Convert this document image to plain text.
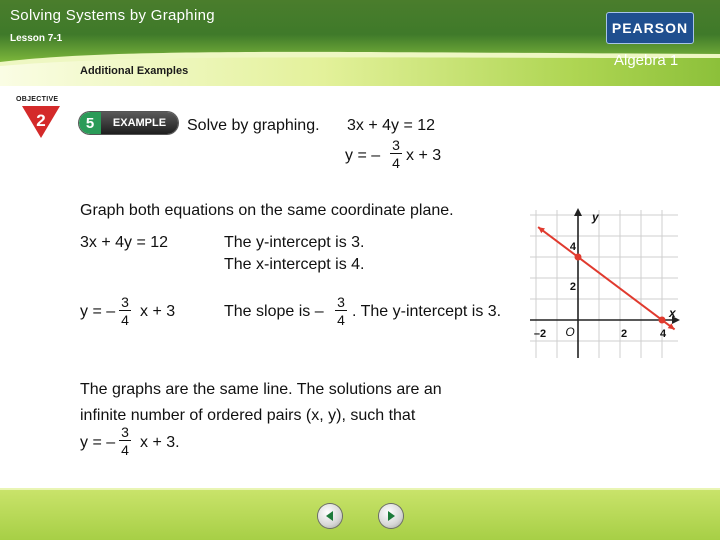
Solving Systems by Graphing
Lesson 7-1
Additional Examples
PEARSON
Algebra 1
2
OBJECTIVE
5	EXAMPLE	Solve by graphing. 3x + 4y = 12
y = –
3
4 x + 3
Graph both equations on the same coordinate plane.
3x + 4y = 12	The y-intercept is 3.
The x-intercept is 4.
y = –
3
4 x + 3	The slope is –
3
4 . The y-intercept is 3.
y
x
O
–2	2	4
4
2
The graphs are the same line. The solutions are an
infinite number of ordered pairs (x, y), such that
y = –
3
4 x + 3.
